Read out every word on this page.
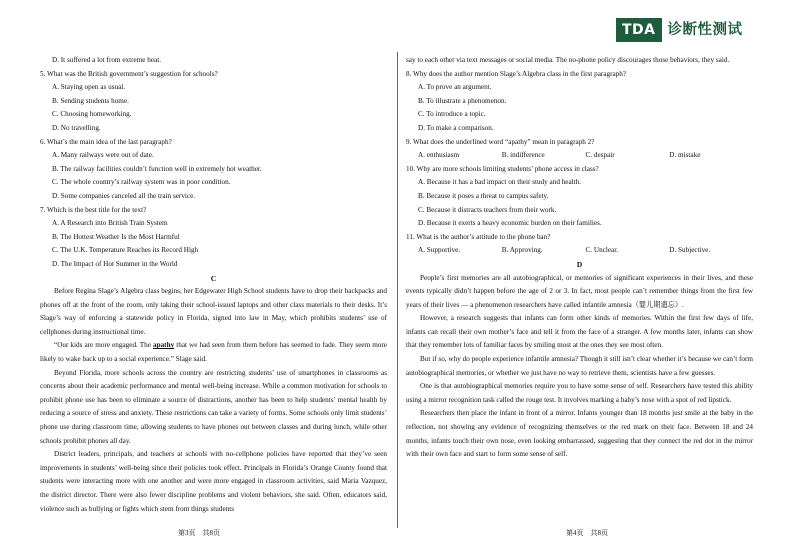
TDA 诊断性测试
D. It suffered a lot from extreme heat.
5. What was the British government’s suggestion for schools?
A. Staying open as usual.
B. Sending students home.
C. Choosing homeworking.
D. No travelling.
6. What’s the main idea of the last paragraph?
A. Many railways were out of date.
B. The railway facilities couldn’t function well in extremely hot weather.
C. The whole country’s railway system was in poor condition.
D. Some companies canceled all the train service.
7. Which is the best title for the text?
A. A Research into British Train System
B. The Hottest Weather Is the Most Harmful
C. The U.K. Temperature Reaches its Record High
D. The Impact of Hot Summer in the World
C
Before Regina Slage’s Algebra class begins, her Edgewater High School students have to drop their backpacks and phones off at the front of the room, only taking their school-issued laptops and other class materials to their desks. It’s Slage’s way of enforcing a statewide policy in Florida, signed into law in May, which prohibits students’ use of cellphones during instructional time.
“Our kids are more engaged. The apathy that we had seen from them before has seemed to fade. They seem more likely to wake back up to a social experience.” Slage said.
Beyond Florida, more schools across the country are restricting students’ use of smartphones in classrooms as concerns about their academic performance and mental well-being increase. While a common motivation for schools to prohibit phone use has been to eliminate a source of distractions, another has been to help students’ mental health by reducing a source of stress and anxiety. These restrictions can take a variety of forms. Some schools only limit students’ phone use during classroom time, allowing students to have phones out between classes and during lunch, while other schools prohibit phones all day.
District leaders, principals, and teachers at schools with no-cellphone policies have reported that they’ve seen improvements in students’ well-being since their policies took effect. Principals in Florida’s Orange County found that students were interacting more with one another and were more engaged in classroom activities, said Maria Vazquez, the district director. There were also fewer discipline problems and violent behaviors, she said. Often, educators said, violence such as bullying or fights which stem from things students
say to each other via text messages or social media. The no-phone policy discourages those behaviors, they said.
8. Why does the author mention Slage’s Algebra class in the first paragraph?
A. To prove an argument.
B. To illustrate a phenomenon.
C. To introduce a topic.
D. To make a comparison.
9. What does the underlined word “apathy” mean in paragraph 2?
A. enthusiasm	B. indifference	C. despair	D. mistake
10. Why are more schools limiting students’ phone access in class?
A. Because it has a bad impact on their study and health.
B. Because it poses a threat to campus safety.
C. Because it distracts teachers from their work.
D. Because it exerts a heavy economic burden on their families.
11. What is the author’s attitude to the phone ban?
A. Supportive.	B. Approving.	C. Unclear.	D. Subjective.
D
People’s first memories are all autobiographical, or memories of significant experiences in their lives, and these events typically didn’t happen before the age of 2 or 3. In fact, most people can’t remember things from the first few years of their lives — a phenomenon researchers have called infantile amnesia（婴儿期遗忘）.
However, a research suggests that infants can form other kinds of memories. Within the first few days of life, infants can recall their own mother’s face and tell it from the face of a stranger. A few months later, infants can show that they remember lots of familiar faces by smiling most at the ones they see most often.
But if so, why do people experience infantile amnesia? Though it still isn’t clear whether it’s because we can’t form autobiographical memories, or whether we just have no way to retrieve them, scientists have a few guesses.
One is that autobiographical memories require you to have some sense of self. Researchers have tested this ability using a mirror recognition task called the rouge test. It involves marking a baby’s nose with a spot of red lipstick.
Researchers then place the infant in front of a mirror. Infants younger than 18 months just smile at the baby in the reflection, not showing any evidence of recognizing themselves or the red mark on their face. Between 18 and 24 months, infants touch their own nose, even looking embarrassed, suggesting that they connect the red dot in the mirror with their own face and start to form some sense of self.
第3页　共8页	第4页　共8页
